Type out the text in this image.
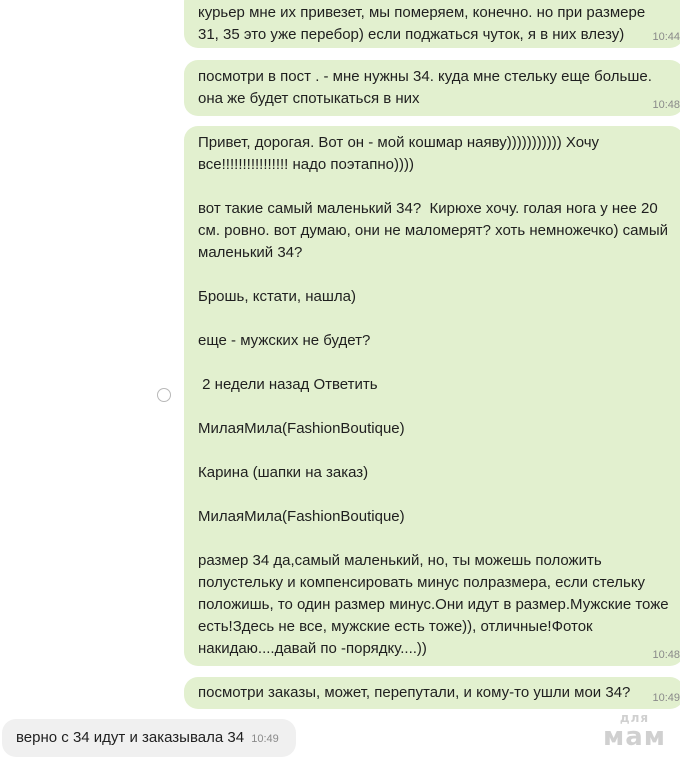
курьер мне их привезет, мы померяем, конечно. но при размере 31, 35 это уже перебор) если поджаться чуток, я в них влезу)	10:44
посмотри в пост . - мне нужны 34. куда мне стельку еще больше. она же будет спотыкаться в них	10:48
Привет, дорогая. Вот он - мой кошмар наяву))))))))))) Хочу все!!!!!!!!!!!!!!!! надо поэтапно))))

вот такие самый маленький 34?  Кирюхе хочу. голая нога у нее 20 см. ровно. вот думаю, они не маломерят? хоть немножечко) самый маленький 34?

Брошь, кстати, нашла)

еще - мужских не будет?

2 недели назад Ответить

МилаяМила(FashionBoutique)

Карина (шапки на заказ)

МилаяМила(FashionBoutique)

размер 34 да,самый маленький, но, ты можешь положить полустельку и компенсировать минус полразмера, если стельку положишь, то один размер минус.Они идут в размер.Мужские тоже есть!Здесь не все, мужские есть тоже)), отличные!Фоток накидаю....давай по -порядку....))	10:48
посмотри заказы, может, перепутали, и кому-то ушли мои 34?	10:49
верно с 34 идут и заказывала 34 10:49
для
мам
